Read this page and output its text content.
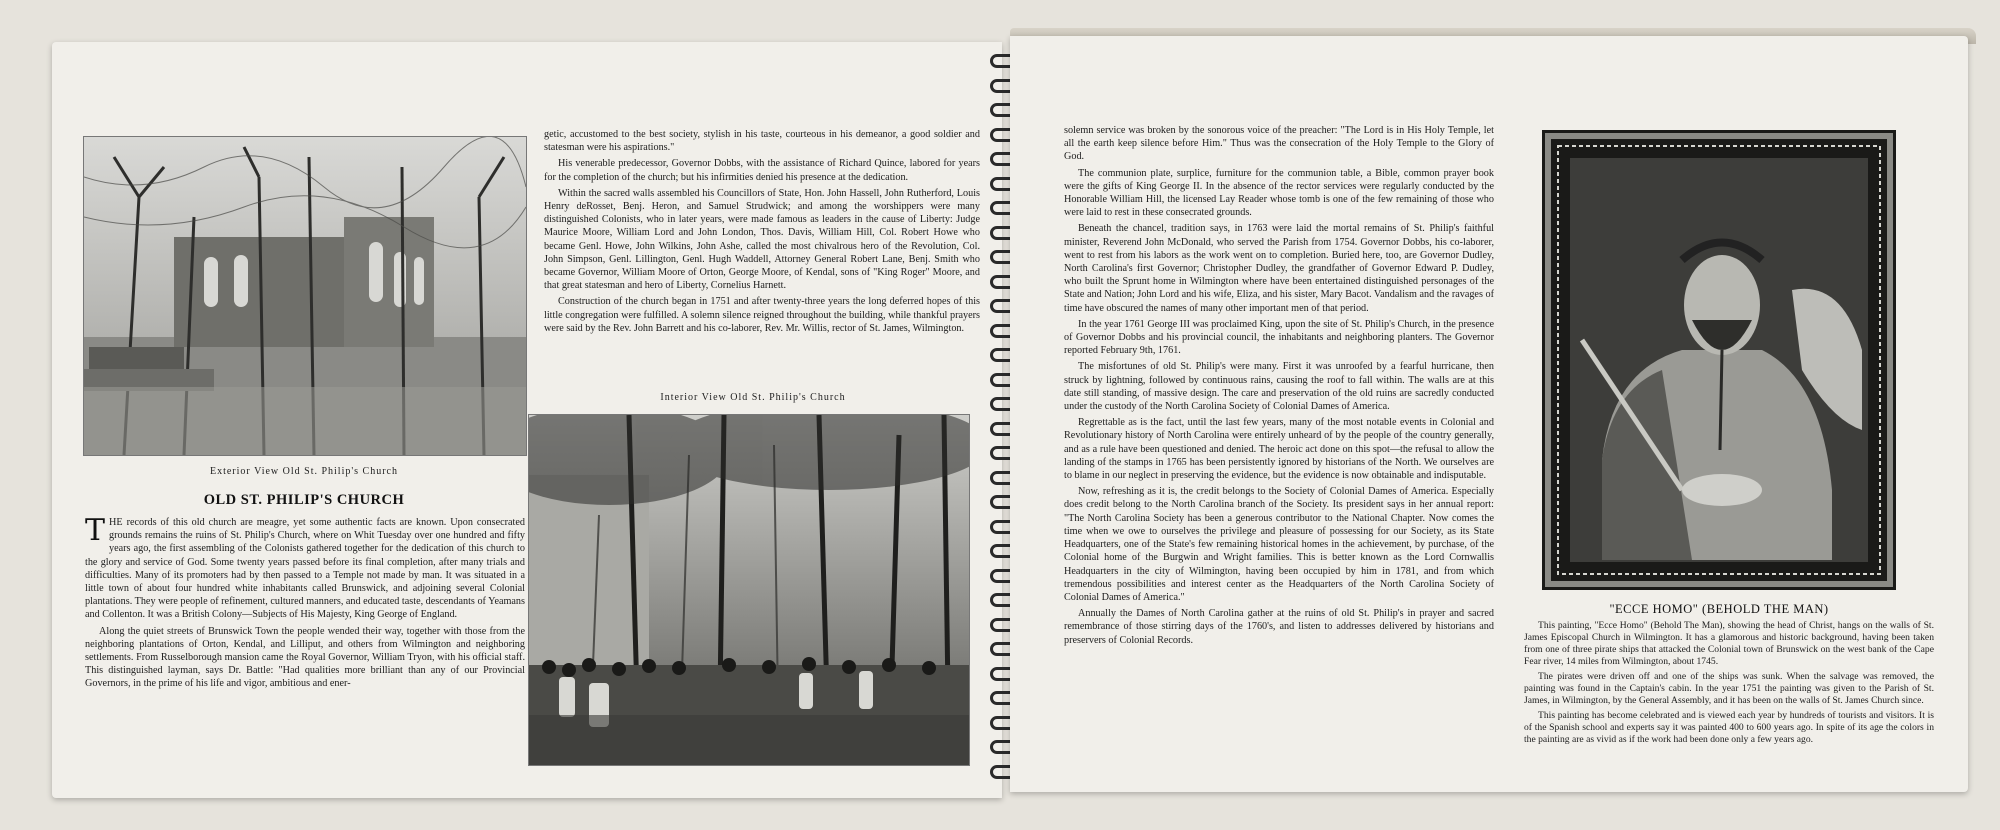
Exterior View Old St. Philip's Church
OLD ST. PHILIP'S CHURCH

THE records of this old church are meagre, yet some authentic facts are known. Upon consecrated grounds remains the ruins of St. Philip's Church, where on Whit Tuesday over one hundred and fifty years ago, the first assembling of the Colonists gathered together for the dedication of this church to the glory and service of God. Some twenty years passed before its final completion, after many trials and difficulties. Many of its promoters had by then passed to a Temple not made by man. It was situated in a little town of about four hundred white inhabitants called Brunswick, and adjoining several Colonial plantations. They were people of refinement, cultured manners, and educated taste, descendants of Yeamans and Collenton. It was a British Colony—Subjects of His Majesty, King George of England.

Along the quiet streets of Brunswick Town the people wended their way, together with those from the neighboring plantations of Orton, Kendal, and Lilliput, and others from Wilmington and neighboring settlements. From Russelborough mansion came the Royal Governor, William Tryon, with his official staff. This distinguished layman, says Dr. Battle: "Had qualities more brilliant than any of our Provincial Governors, in the prime of his life and vigor, ambitious and ener-

getic, accustomed to the best society, stylish in his taste, courteous in his demeanor, a good soldier and statesman were his aspirations."

His venerable predecessor, Governor Dobbs, with the assistance of Richard Quince, labored for years for the completion of the church; but his infirmities denied his presence at the dedication.

Within the sacred walls assembled his Councillors of State, Hon. John Hassell, John Rutherford, Louis Henry deRosset, Benj. Heron, and Samuel Strudwick; and among the worshippers were many distinguished Colonists, who in later years, were made famous as leaders in the cause of Liberty: Judge Maurice Moore, William Lord and John London, Thos. Davis, William Hill, Col. Robert Howe who became Genl. Howe, John Wilkins, John Ashe, called the most chivalrous hero of the Revolution, Col. John Simpson, Genl. Lillington, Genl. Hugh Waddell, Attorney General Robert Lane, Benj. Smith who became Governor, William Moore of Orton, George Moore, of Kendal, sons of "King Roger" Moore, and that great statesman and hero of Liberty, Cornelius Harnett.

Construction of the church began in 1751 and after twenty-three years the long deferred hopes of this little congregation were fulfilled. A solemn silence reigned throughout the building, while thankful prayers were said by the Rev. John Barrett and his co-laborer, Rev. Mr. Willis, rector of St. James, Wilmington.

Interior View Old St. Philip's Church

solemn service was broken by the sonorous voice of the preacher: "The Lord is in His Holy Temple, let all the earth keep silence before Him." Thus was the consecration of the Holy Temple to the Glory of God.

The communion plate, surplice, furniture for the communion table, a Bible, common prayer book were the gifts of King George II. In the absence of the rector services were regularly conducted by the Honorable William Hill, the licensed Lay Reader whose tomb is one of the few remaining of those who were laid to rest in these consecrated grounds.

Beneath the chancel, tradition says, in 1763 were laid the mortal remains of St. Philip's faithful minister, Reverend John McDonald, who served the Parish from 1754. Governor Dobbs, his co-laborer, went to rest from his labors as the work went on to completion. Buried here, too, are Governor Dudley, North Carolina's first Governor; Christopher Dudley, the grandfather of Governor Edward P. Dudley, who built the Sprunt home in Wilmington where have been entertained distinguished personages of the State and Nation; John Lord and his wife, Eliza, and his sister, Mary Bacot. Vandalism and the ravages of time have obscured the names of many other important men of that period.

In the year 1761 George III was proclaimed King, upon the site of St. Philip's Church, in the presence of Governor Dobbs and his provincial council, the inhabitants and neighboring planters. The Governor reported February 9th, 1761.

The misfortunes of old St. Philip's were many. First it was unroofed by a fearful hurricane, then struck by lightning, followed by continuous rains, causing the roof to fall within. The walls are at this date still standing, of massive design. The care and preservation of the old ruins are sacredly conducted under the custody of the North Carolina Society of Colonial Dames of America.

Regrettable as is the fact, until the last few years, many of the most notable events in Colonial and Revolutionary history of North Carolina were entirely unheard of by the people of the country generally, and as a rule have been questioned and denied. The heroic act done on this spot—the refusal to allow the landing of the stamps in 1765 has been persistently ignored by historians of the North. We ourselves are to blame in our neglect in preserving the evidence, but the evidence is now obtainable and indisputable.

Now, refreshing as it is, the credit belongs to the Society of Colonial Dames of America. Especially does credit belong to the North Carolina branch of the Society. Its president says in her annual report: "The North Carolina Society has been a generous contributor to the National Chapter. Now comes the time when we owe to ourselves the privilege and pleasure of possessing for our Society, as its State Headquarters, one of the State's few remaining historical homes in the achievement, by purchase, of the Colonial home of the Burgwin and Wright families. This is better known as the Lord Cornwallis Headquarters in the city of Wilmington, having been occupied by him in 1781, and from which tremendous possibilities and interest center as the Headquarters of the North Carolina Society of Colonial Dames of America."

Annually the Dames of North Carolina gather at the ruins of old St. Philip's in prayer and sacred remembrance of those stirring days of the 1760's, and listen to addresses delivered by historians and preservers of Colonial Records.

"ECCE HOMO" (BEHOLD THE MAN)

This painting, "Ecce Homo" (Behold The Man), showing the head of Christ, hangs on the walls of St. James Episcopal Church in Wilmington. It has a glamorous and historic background, having been taken from one of three pirate ships that attacked the Colonial town of Brunswick on the west bank of the Cape Fear river, 14 miles from Wilmington, about 1745.

The pirates were driven off and one of the ships was sunk. When the salvage was removed, the painting was found in the Captain's cabin. In the year 1751 the painting was given to the Parish of St. James, in Wilmington, by the General Assembly, and it has been on the walls of St. James Church since.

This painting has become celebrated and is viewed each year by hundreds of tourists and visitors. It is of the Spanish school and experts say it was painted 400 to 600 years ago. In spite of its age the colors in the painting are as vivid as if the work had been done only a few years ago.
